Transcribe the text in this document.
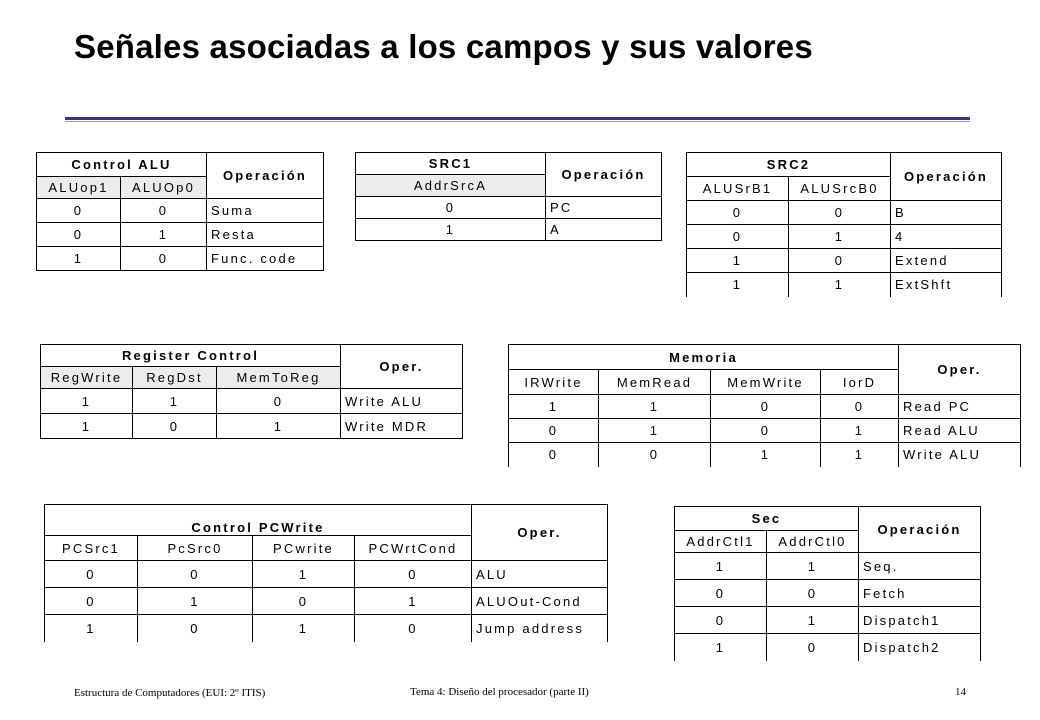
Señales asociadas a los campos y sus valores
Control ALU		Operación
ALUop1	ALUOp0	
0	0	Suma
0	1	Resta
1	0	Func. code
SRC1	Operación
AddrSrcA	
0	PC
1	A
SRC2		Operación
ALUSrB1	ALUSrcB0	
0	0	B
0	1	4
1	0	Extend
1	1	ExtShft
Register Control			Oper.
RegWrite	RegDst	MemToReg	
1	1	0	Write ALU
1	0	1	Write MDR
Memoria				Oper.
IRWrite	MemRead	MemWrite	IorD	
1	1	0	0	Read PC
0	1	0	1	Read ALU
0	0	1	1	Write ALU
Control PCWrite				Oper.
PCSrc1	PcSrc0	PCwrite	PCWrtCond	
0	0	1	0	ALU
0	1	0	1	ALUOut-Cond
1	0	1	0	Jump address
Sec		Operación
AddrCtl1	AddrCtl0	
1	1	Seq.
0	0	Fetch
0	1	Dispatch1
1	0	Dispatch2
Estructura de Computadores (EUI: 2º ITIS)	Tema 4: Diseño del procesador (parte II)	14
